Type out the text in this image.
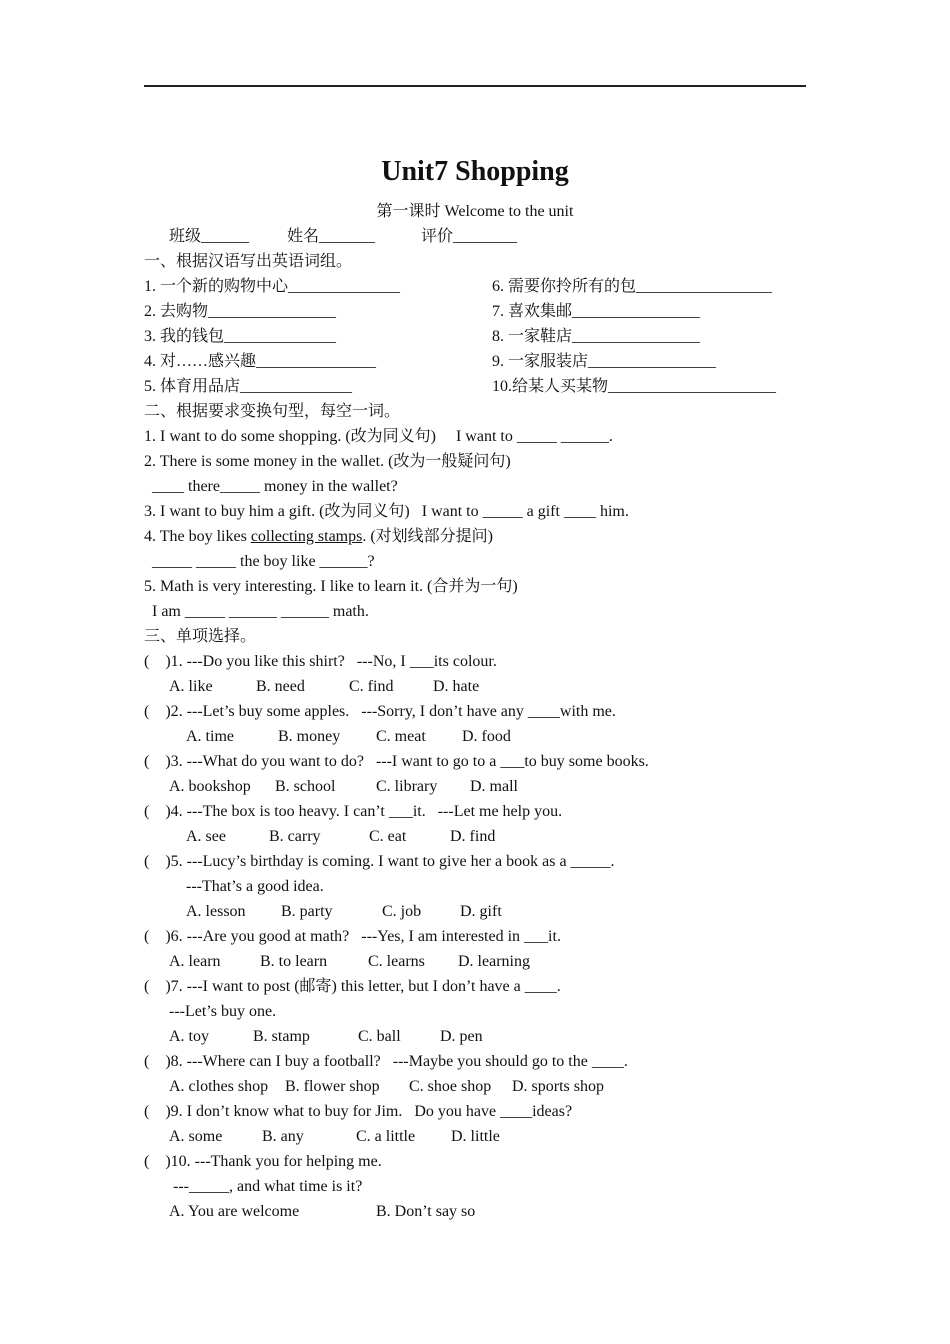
Unit7 Shopping
第一课时 Welcome to the unit
班级______ 姓名_______	评价________
一、根据汉语写出英语词组。
1. 一个新的购物中心______________
2. 去购物________________
3. 我的钱包______________
4. 对……感兴趣_______________
5. 体育用品店______________
6. 需要你拎所有的包_________________
7. 喜欢集邮________________
8. 一家鞋店________________
9. 一家服装店________________
10.给某人买某物_____________________
二、根据要求变换句型，每空一词。
1. I want to do some shopping. (改为同义句)     I want to _____ ______.
2. There is some money in the wallet. (改为一般疑问句)
____ there_____ money in the wallet?
3. I want to buy him a gift. (改为同义句)   I want to _____ a gift ____ him.
4. The boy likes collecting stamps. (对划线部分提问)
_____ _____ the boy like ______?
5. Math is very interesting. I like to learn it. (合并为一句)
I am _____ ______ ______ math.
三、单项选择。
(    )1. ---Do you like this shirt?   ---No, I ___its colour.
A. like	B. need	C. find D. hate
(    )2. ---Let’s buy some apples.   ---Sorry, I don’t have any ____with me.
A. time	B. money C. meat D. food
(    )3. ---What do you want to do?   ---I want to go to a ___to buy some books.
A. bookshop B. school	C. library D. mall
(    )4. ---The box is too heavy. I can’t ___it.   ---Let me help you.
A. see	B. carry	C. eat	D. find
(    )5. ---Lucy’s birthday is coming. I want to give her a book as a _____.
---That’s a good idea.
A. lesson B. party	C. job D. gift
(    )6. ---Are you good at math?   ---Yes, I am interested in ___it.
A. learn B. to learn	C. learns D. learning
(    )7. ---I want to post (邮寄) this letter, but I don’t have a ____.
---Let’s buy one.
A. toy	B. stamp	C. ball D. pen
(    )8. ---Where can I buy a football?   ---Maybe you should go to the ____.
A. clothes shop B. flower shop C. shoe shop D. sports shop
(    )9. I don’t know what to buy for Jim.   Do you have ____ideas?
A. some B. any	C. a little D. little
(    )10. ---Thank you for helping me.
---_____, and what time is it?
A. You are welcome	B. Don’t say so
